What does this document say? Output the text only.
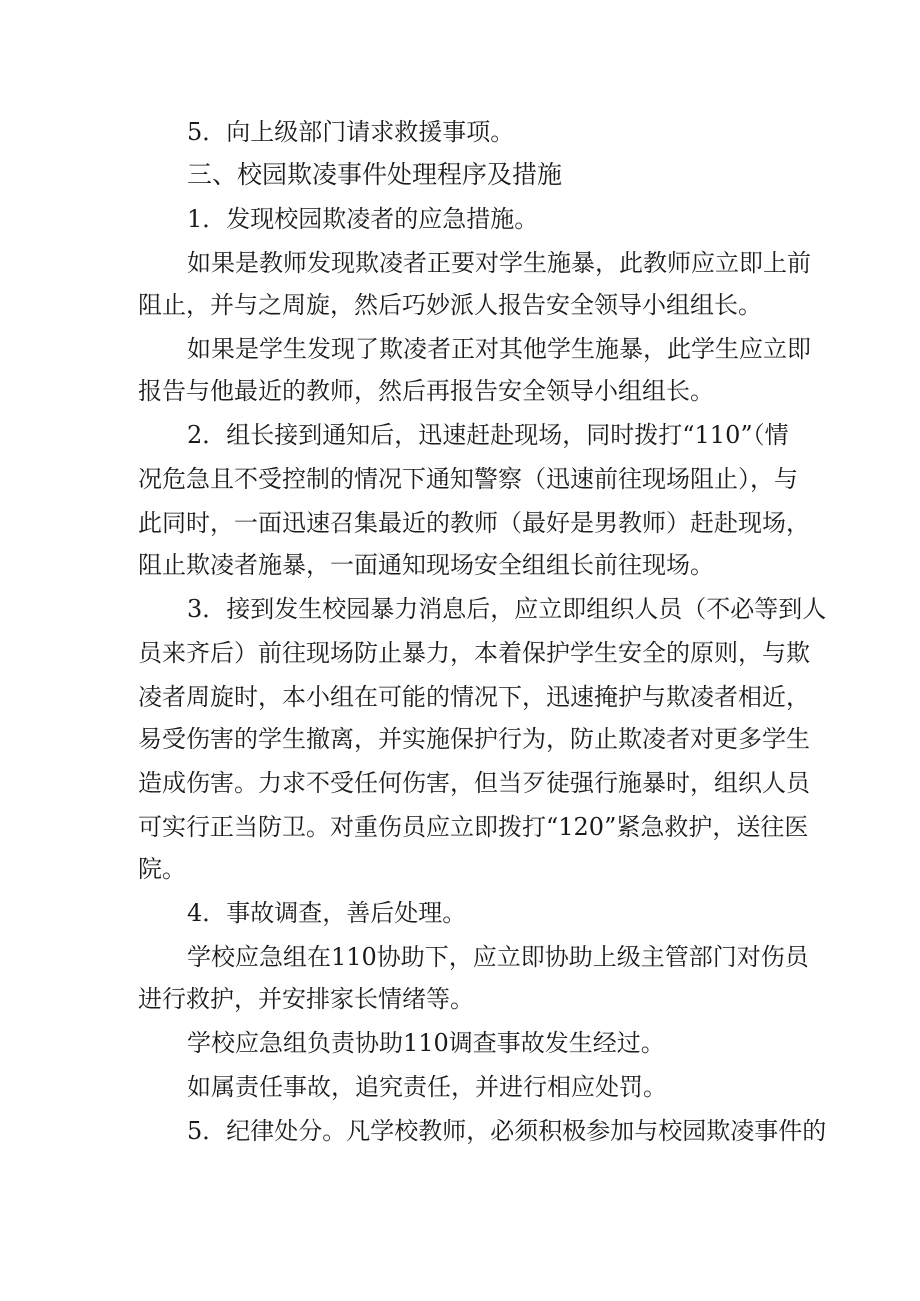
5．向上级部门请求救援事项。
三、校园欺凌事件处理程序及措施
1．发现校园欺凌者的应急措施。
如果是教师发现欺凌者正要对学生施暴，此教师应立即上前
阻止，并与之周旋，然后巧妙派人报告安全领导小组组长。
如果是学生发现了欺凌者正对其他学生施暴，此学生应立即
报告与他最近的教师，然后再报告安全领导小组组长。
2．组长接到通知后，迅速赶赴现场，同时拨打“110”（情
况危急且不受控制的情况下通知警察（迅速前往现场阻止），与
此同时，一面迅速召集最近的教师（最好是男教师）赶赴现场，
阻止欺凌者施暴，一面通知现场安全组组长前往现场。
3．接到发生校园暴力消息后，应立即组织人员（不必等到人
员来齐后）前往现场防止暴力，本着保护学生安全的原则，与欺
凌者周旋时，本小组在可能的情况下，迅速掩护与欺凌者相近，
易受伤害的学生撤离，并实施保护行为，防止欺凌者对更多学生
造成伤害。力求不受任何伤害，但当歹徒强行施暴时，组织人员
可实行正当防卫。对重伤员应立即拨打“120”紧急救护，送往医
院。
4．事故调查，善后处理。
学校应急组在110协助下，应立即协助上级主管部门对伤员
进行救护，并安排家长情绪等。
学校应急组负责协助110调查事故发生经过。
如属责任事故，追究责任，并进行相应处罚。
5．纪律处分。凡学校教师，必须积极参加与校园欺凌事件的
